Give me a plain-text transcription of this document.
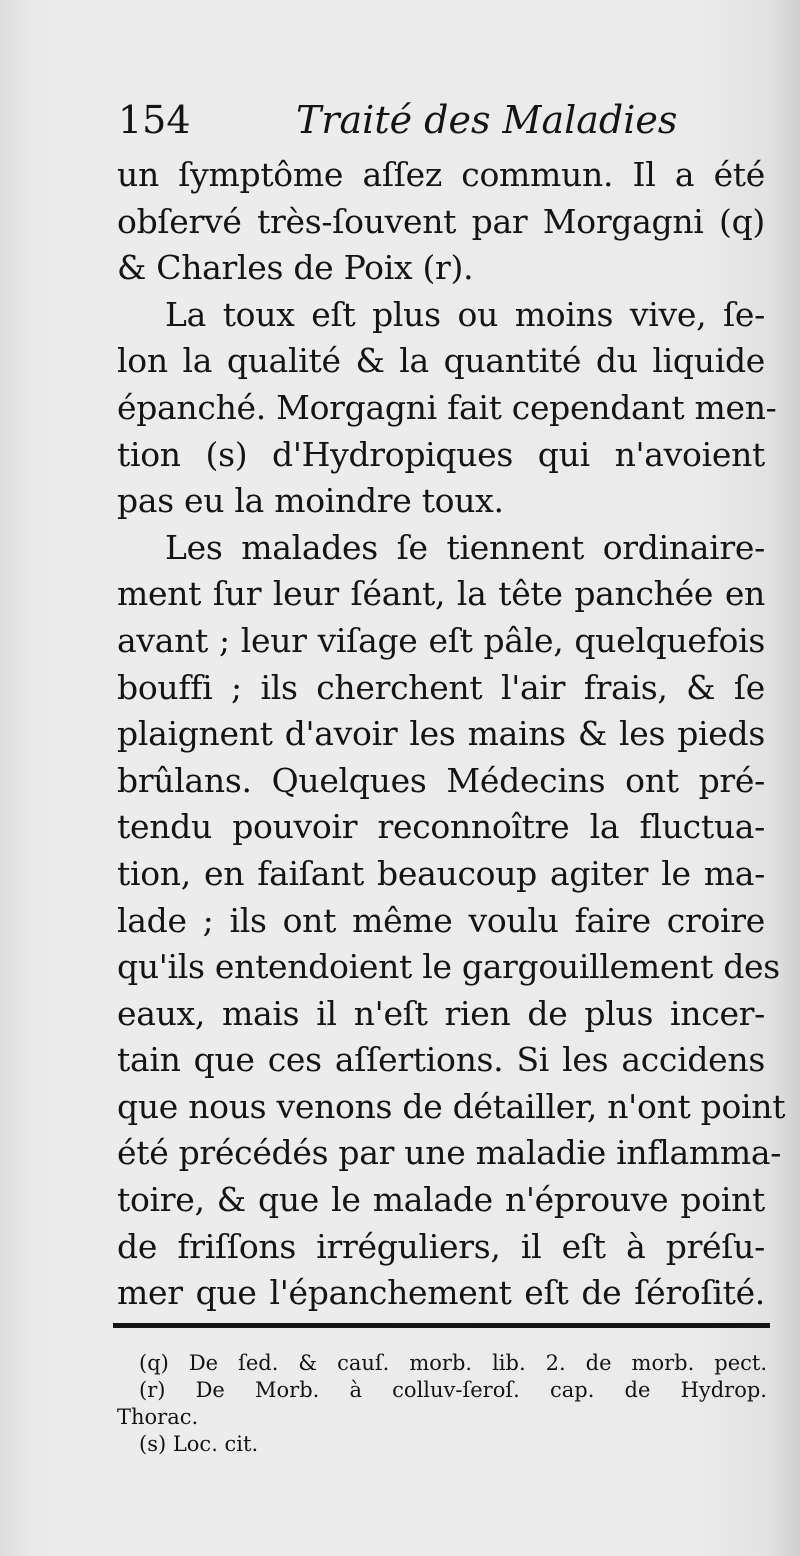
154	Traité des Maladies
un ſymptôme aſſez commun. Il a été
obſervé très-ſouvent par Morgagni (q)
& Charles de Poix (r).
La toux eſt plus ou moins vive, ſe-
lon la qualité & la quantité du liquide
épanché. Morgagni fait cependant men-
tion (s) d'Hydropiques qui n'avoient
pas eu la moindre toux.
Les malades ſe tiennent ordinaire-
ment ſur leur ſéant, la tête panchée en
avant ; leur viſage eſt pâle, quelquefois
bouffi ; ils cherchent l'air frais, & ſe
plaignent d'avoir les mains & les pieds
brûlans. Quelques Médecins ont pré-
tendu pouvoir reconnoître la fluctua-
tion, en faiſant beaucoup agiter le ma-
lade ; ils ont même voulu faire croire
qu'ils entendoient le gargouillement des
eaux, mais il n'eſt rien de plus incer-
tain que ces aſſertions. Si les accidens
que nous venons de détailler, n'ont point
été précédés par une maladie inflamma-
toire, & que le malade n'éprouve point
de friſſons irréguliers, il eſt à préſu-
mer que l'épanchement eſt de ſéroſité.
(q) De ſed. & cauſ. morb. lib. 2. de morb. pect.
(r) De Morb. à colluv-ſeroſ. cap. de Hydrop.
Thorac.
(s) Loc. cit.
